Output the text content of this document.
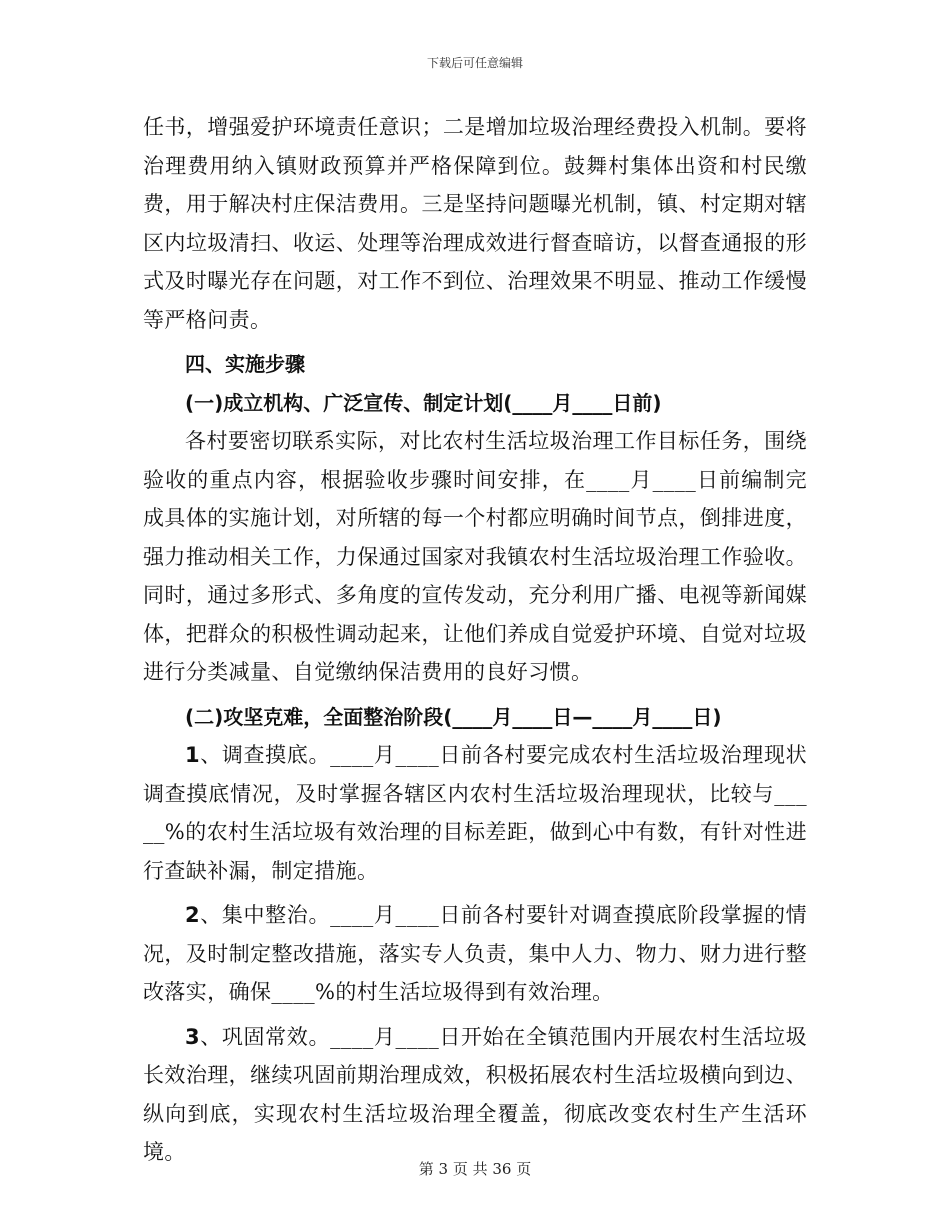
下载后可任意编辑

任书，增强爱护环境责任意识；二是增加垃圾治理经费投入机制。要将治理费用纳入镇财政预算并严格保障到位。鼓舞村集体出资和村民缴费，用于解决村庄保洁费用。三是坚持问题曝光机制，镇、村定期对辖区内垃圾清扫、收运、处理等治理成效进行督查暗访，以督查通报的形式及时曝光存在问题，对工作不到位、治理效果不明显、推动工作缓慢等严格问责。

四、实施步骤

(一)成立机构、广泛宣传、制定计划(____月____日前)

各村要密切联系实际，对比农村生活垃圾治理工作目标任务，围绕验收的重点内容，根据验收步骤时间安排，在____月____日前编制完成具体的实施计划，对所辖的每一个村都应明确时间节点，倒排进度，强力推动相关工作，力保通过国家对我镇农村生活垃圾治理工作验收。同时，通过多形式、多角度的宣传发动，充分利用广播、电视等新闻媒体，把群众的积极性调动起来，让他们养成自觉爱护环境、自觉对垃圾进行分类减量、自觉缴纳保洁费用的良好习惯。

(二)攻坚克难，全面整治阶段(____月____日—____月____日)

1、调查摸底。____月____日前各村要完成农村生活垃圾治理现状调查摸底情况，及时掌握各辖区内农村生活垃圾治理现状，比较与_____%的农村生活垃圾有效治理的目标差距，做到心中有数，有针对性进行查缺补漏，制定措施。

2、集中整治。____月____日前各村要针对调查摸底阶段掌握的情况，及时制定整改措施，落实专人负责，集中人力、物力、财力进行整改落实，确保____%的村生活垃圾得到有效治理。

3、巩固常效。____月____日开始在全镇范围内开展农村生活垃圾长效治理，继续巩固前期治理成效，积极拓展农村生活垃圾横向到边、纵向到底，实现农村生活垃圾治理全覆盖，彻底改变农村生产生活环境。

第 3 页 共 36 页
